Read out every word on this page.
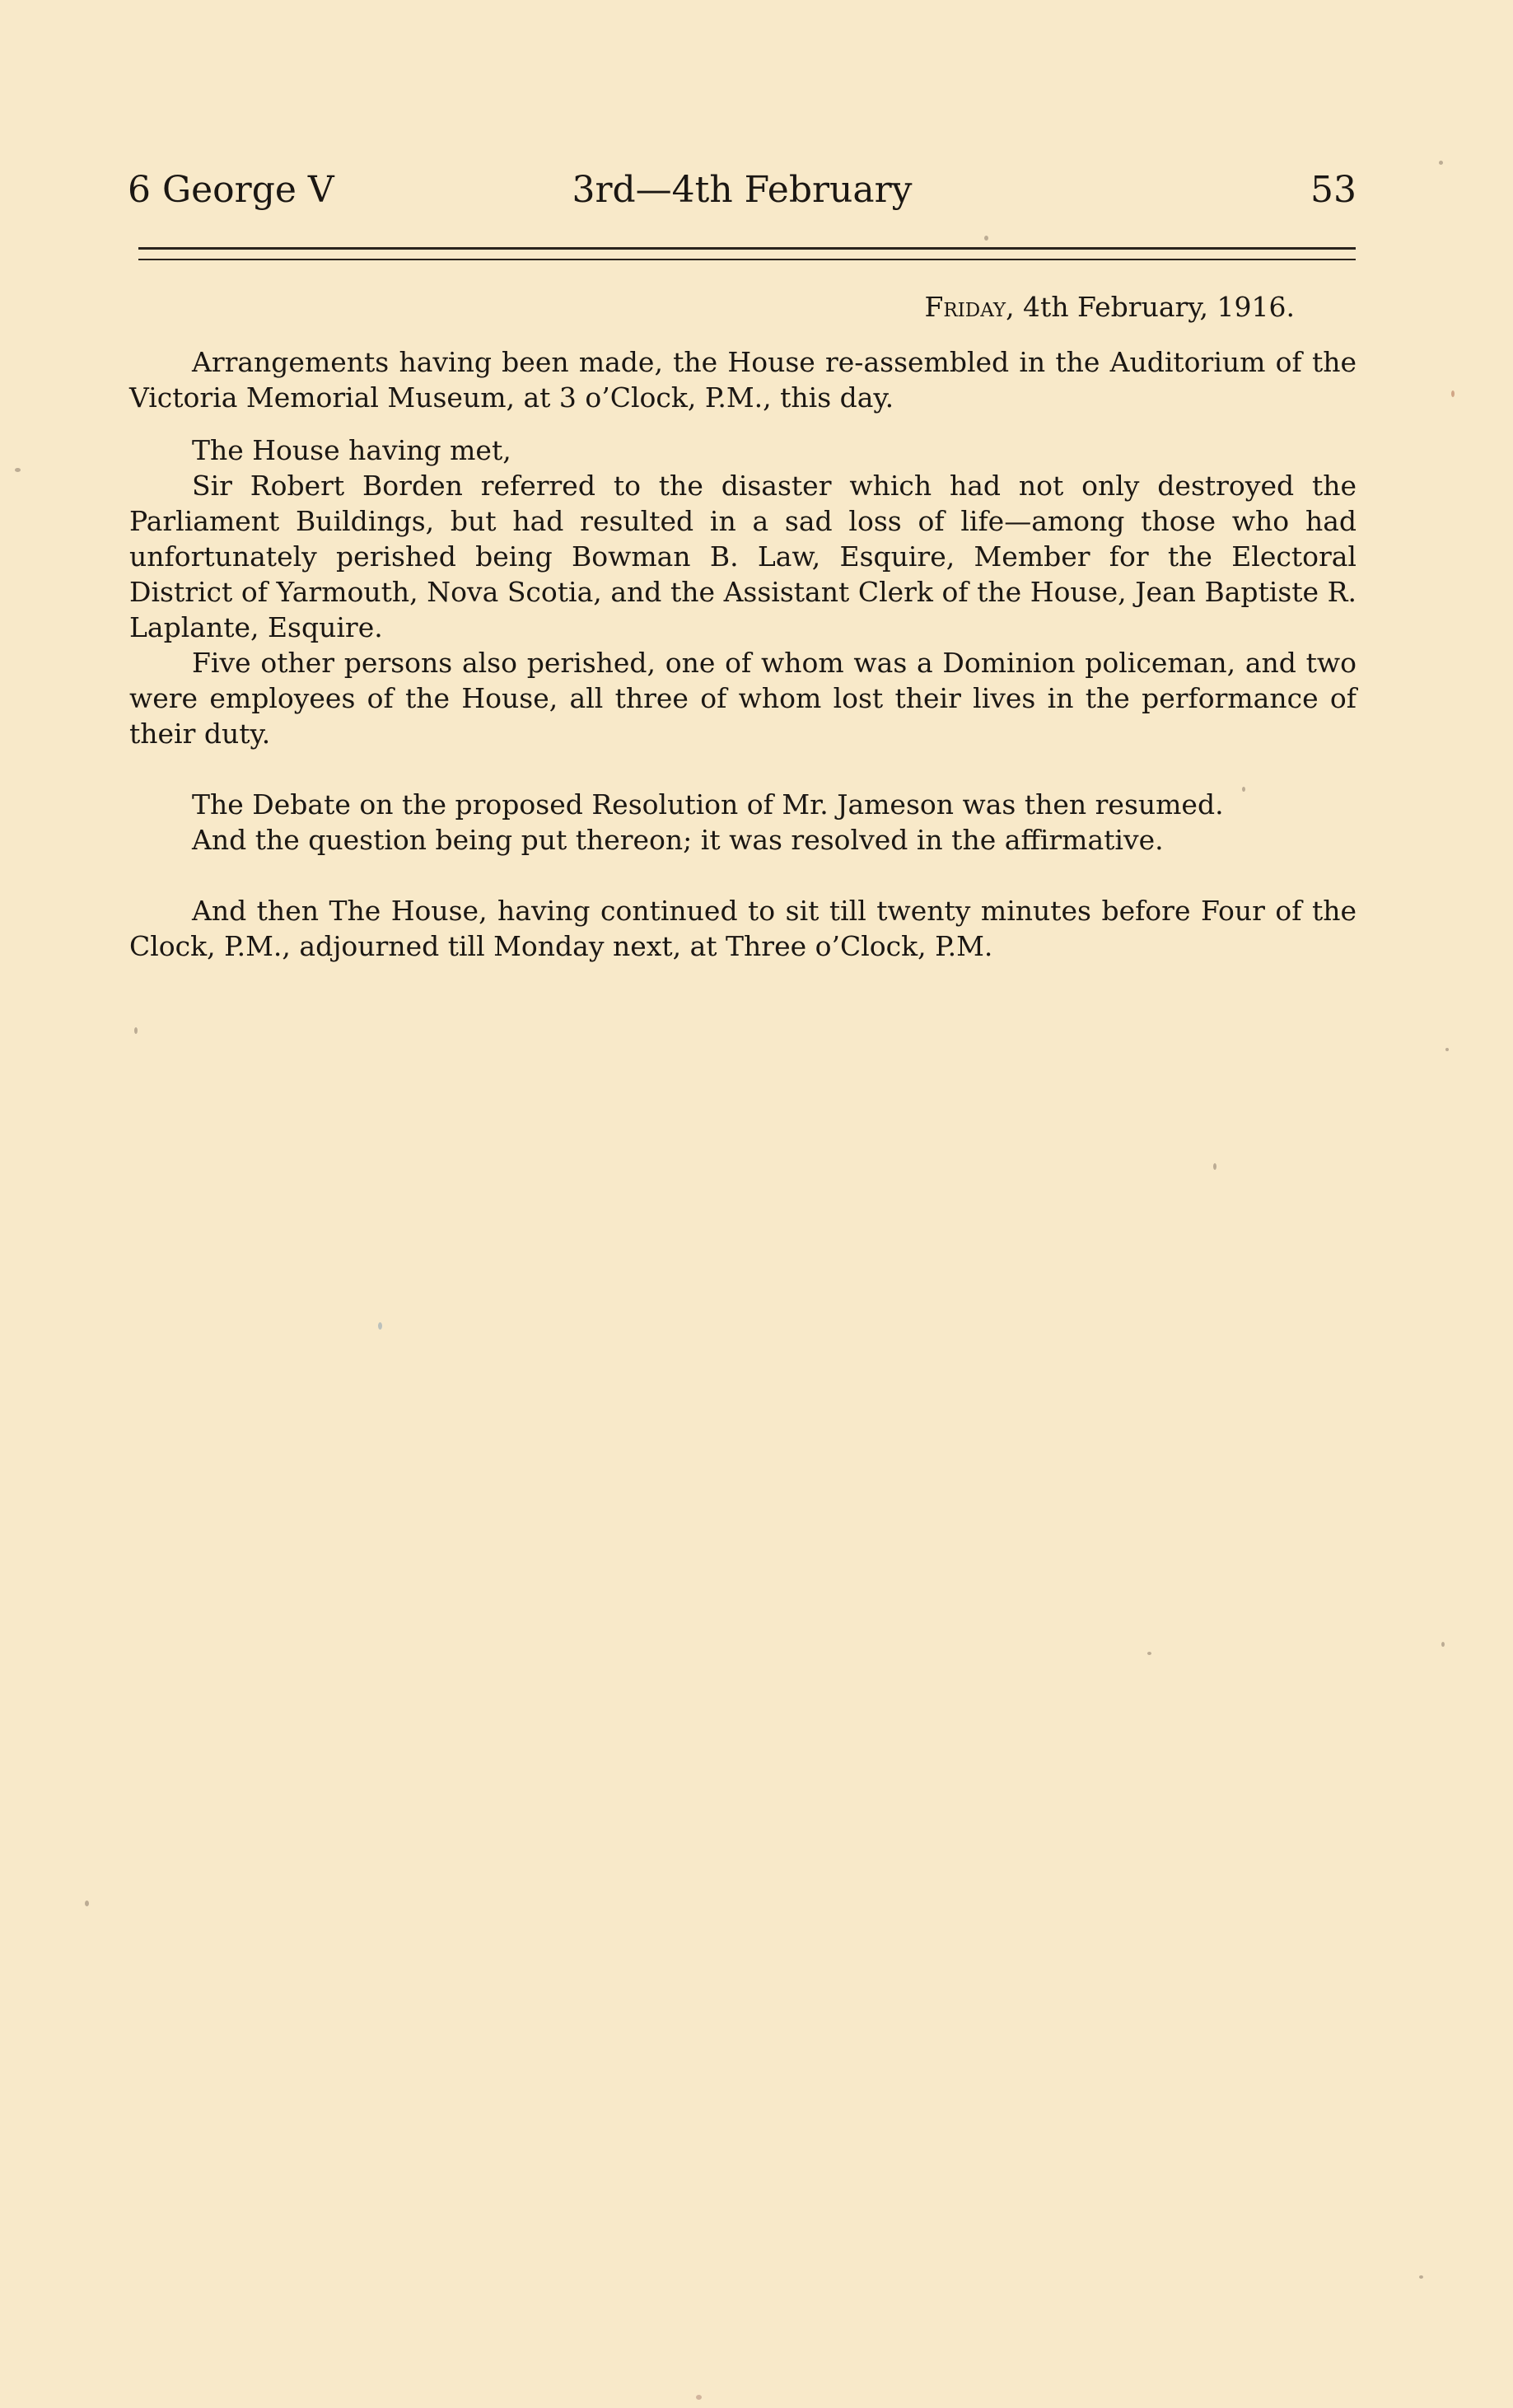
6 George V	3rd—4th February	53
Friday, 4th February, 1916.

Arrangements having been made, the House re-assembled in the Auditorium of the Victoria Memorial Museum, at 3 o’Clock, P.M., this day.

The House having met,

Sir Robert Borden referred to the disaster which had not only destroyed the Parliament Buildings, but had resulted in a sad loss of life—among those who had unfortunately perished being Bowman B. Law, Esquire, Member for the Electoral District of Yarmouth, Nova Scotia, and the Assistant Clerk of the House, Jean Baptiste R. Laplante, Esquire.

Five other persons also perished, one of whom was a Dominion policeman, and two were employees of the House, all three of whom lost their lives in the performance of their duty.

The Debate on the proposed Resolution of Mr. Jameson was then resumed.

And the question being put thereon; it was resolved in the affirmative.

And then The House, having continued to sit till twenty minutes before Four of the Clock, P.M., adjourned till Monday next, at Three o’Clock, P.M.
